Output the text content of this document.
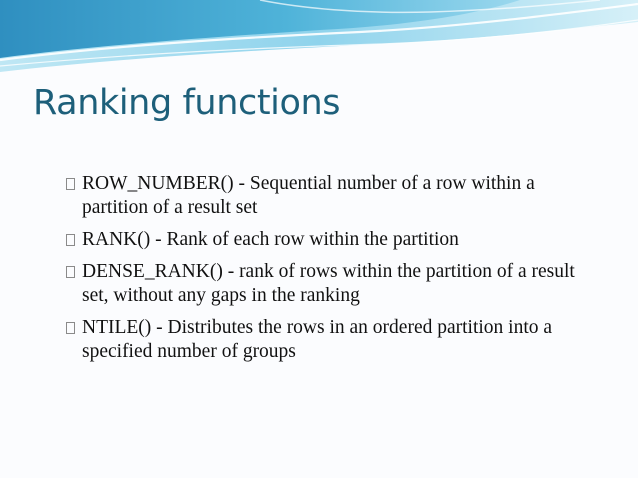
Ranking functions
ROW_NUMBER() - Sequential number of a row within a partition of a result set
RANK() - Rank of each row within the partition
DENSE_RANK() - rank of rows within the partition of a result set, without any gaps in the ranking
NTILE() - Distributes the rows in an ordered partition into a specified number of groups
